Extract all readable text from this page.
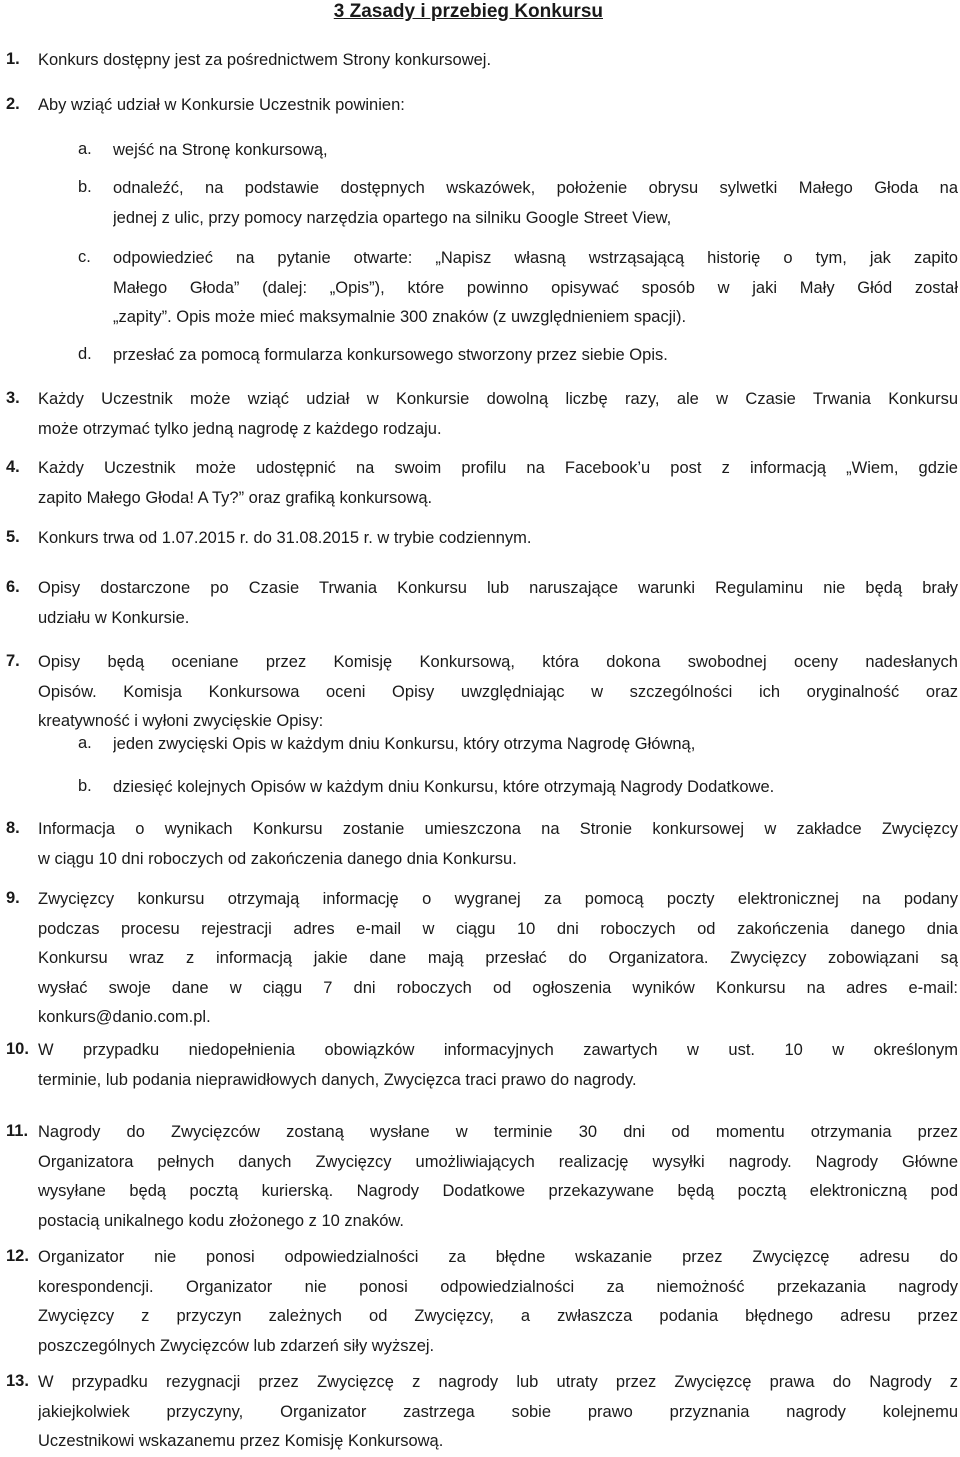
3 Zasady i przebieg Konkursu
1. Konkurs dostępny jest za pośrednictwem Strony konkursowej.
2. Aby wziąć udział w Konkursie Uczestnik powinien:
a. wejść na Stronę konkursową,
b. odnaleźć, na podstawie dostępnych wskazówek, położenie obrysu sylwetki Małego Głoda na
jednej z ulic, przy pomocy narzędzia opartego na silniku Google Street View,
c. odpowiedzieć na pytanie otwarte: „Napisz własną wstrząsającą historię o tym, jak zapito
Małego Głoda” (dalej: „Opis”), które powinno opisywać sposób w jaki Mały Głód został
„zapity”. Opis może mieć maksymalnie 300 znaków (z uwzględnieniem spacji).
d. przesłać za pomocą formularza konkursowego stworzony przez siebie Opis.
3. Każdy Uczestnik może wziąć udział w Konkursie dowolną liczbę razy, ale w Czasie Trwania Konkursu
może otrzymać tylko jedną nagrodę z każdego rodzaju.
4. Każdy Uczestnik może udostępnić na swoim profilu na Facebook’u post z informacją „Wiem, gdzie
zapito Małego Głoda! A Ty?” oraz grafiką konkursową.
5. Konkurs trwa od 1.07.2015 r. do 31.08.2015 r. w trybie codziennym.
6. Opisy dostarczone po Czasie Trwania Konkursu lub naruszające warunki Regulaminu nie będą brały
udziału w Konkursie.
7. Opisy będą oceniane przez Komisję Konkursową, która dokona swobodnej oceny nadesłanych
Opisów. Komisja Konkursowa oceni Opisy uwzględniając w szczególności ich oryginalność oraz
kreatywność i wyłoni zwycięskie Opisy:
a. jeden zwycięski Opis w każdym dniu Konkursu, który otrzyma Nagrodę Główną,
b. dziesięć kolejnych Opisów w każdym dniu Konkursu, które otrzymają Nagrody Dodatkowe.
8. Informacja o wynikach Konkursu zostanie umieszczona na Stronie konkursowej w zakładce Zwycięzcy
w ciągu 10 dni roboczych od zakończenia danego dnia Konkursu.
9. Zwycięzcy konkursu otrzymają informację o wygranej za pomocą poczty elektronicznej na podany
podczas procesu rejestracji adres e-mail w ciągu 10 dni roboczych od zakończenia danego dnia
Konkursu wraz z informacją jakie dane mają przesłać do Organizatora. Zwycięzcy zobowiązani są
wysłać swoje dane w ciągu 7 dni roboczych od ogłoszenia wyników Konkursu na adres e-mail:
konkurs@danio.com.pl.
10. W przypadku niedopełnienia obowiązków informacyjnych zawartych w ust. 10 w określonym
terminie, lub podania nieprawidłowych danych, Zwycięzca traci prawo do nagrody.
11. Nagrody do Zwycięzców zostaną wysłane w terminie 30 dni od momentu otrzymania przez
Organizatora pełnych danych Zwycięzcy umożliwiających realizację wysyłki nagrody. Nagrody Główne
wysyłane będą pocztą kurierską. Nagrody Dodatkowe przekazywane będą pocztą elektroniczną pod
postacią unikalnego kodu złożonego z 10 znaków.
12. Organizator nie ponosi odpowiedzialności za błędne wskazanie przez Zwycięzcę adresu do
korespondencji. Organizator nie ponosi odpowiedzialności za niemożność przekazania nagrody
Zwycięzcy z przyczyn zależnych od Zwycięzcy, a zwłaszcza podania błędnego adresu przez
poszczególnych Zwycięzców lub zdarzeń siły wyższej.
13. W przypadku rezygnacji przez Zwycięzcę z nagrody lub utraty przez Zwycięzcę prawa do Nagrody z
jakiejkolwiek przyczyny, Organizator zastrzega sobie prawo przyznania nagrody kolejnemu
Uczestnikowi wskazanemu przez Komisję Konkursową.
